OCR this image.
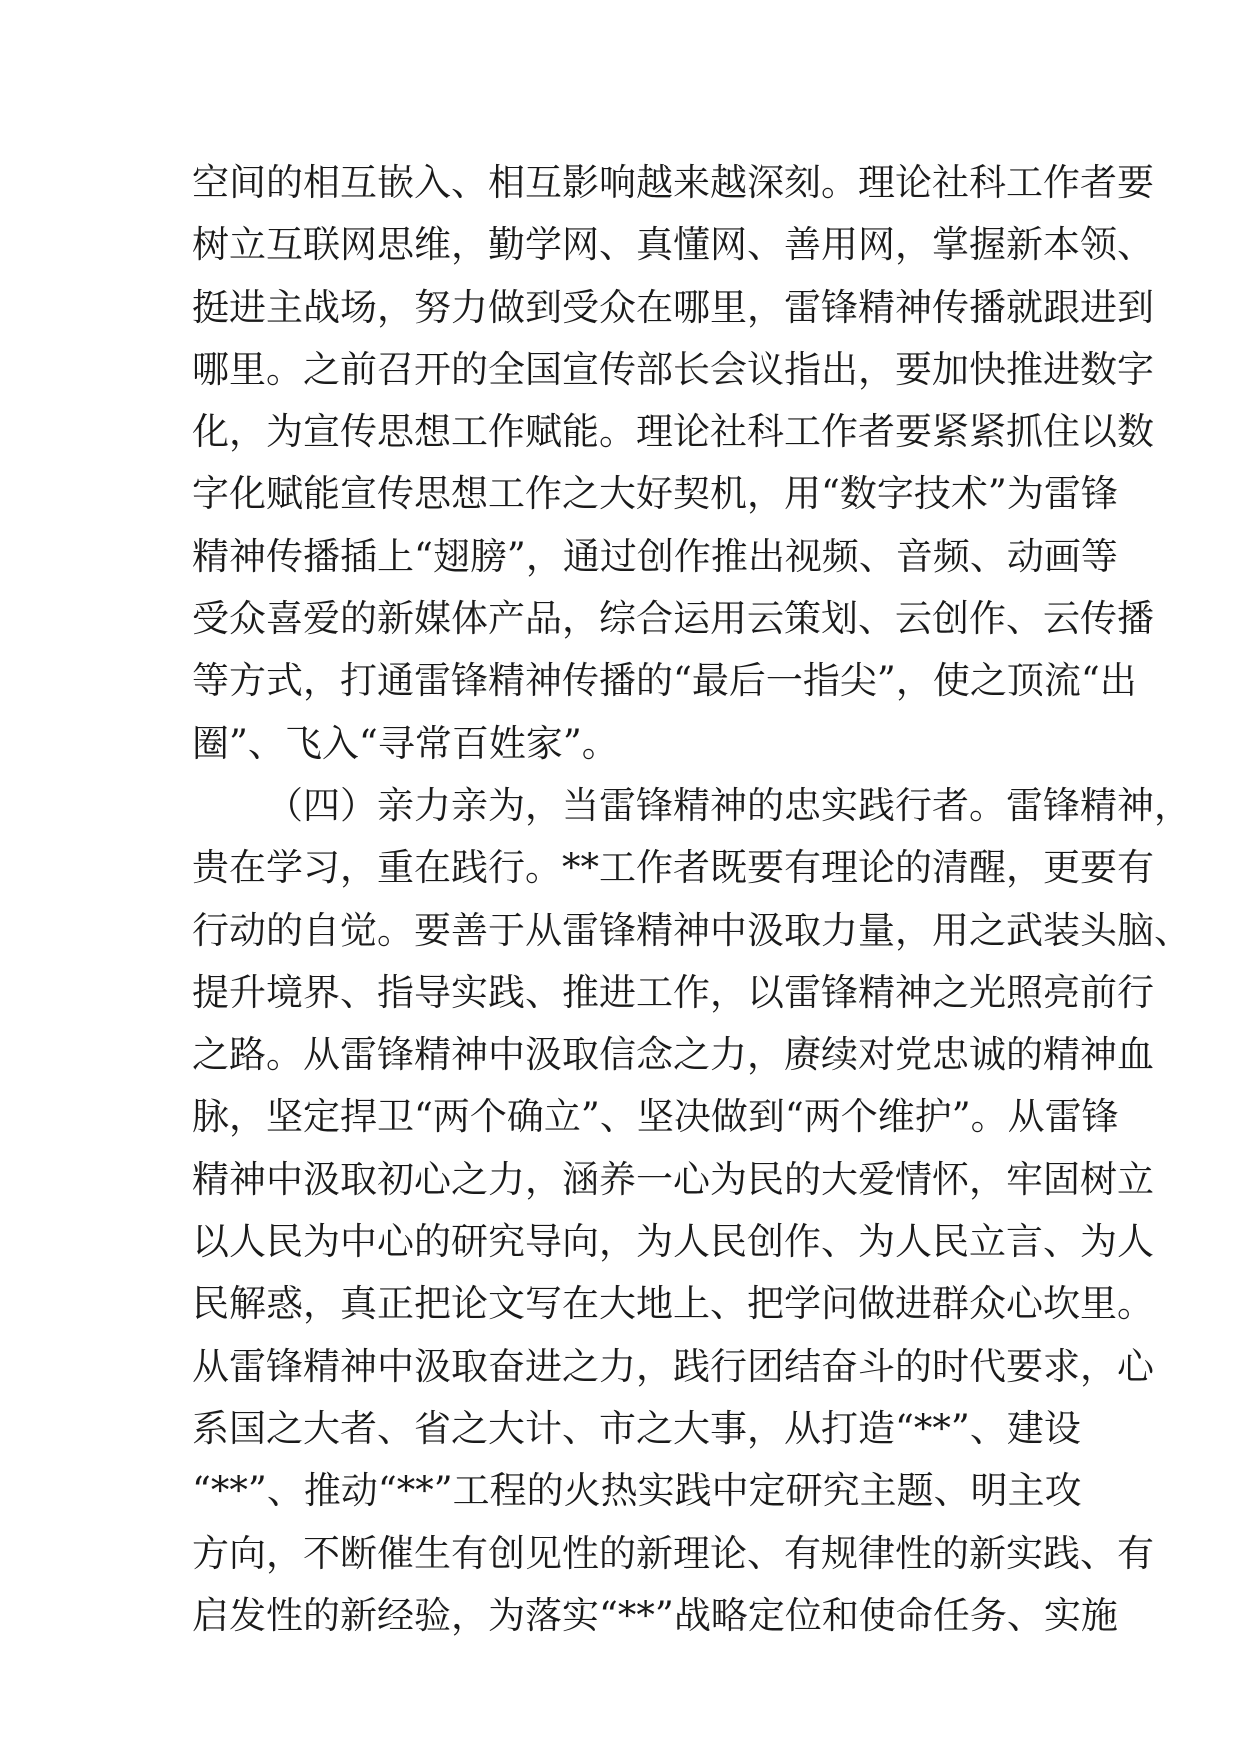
空间的相互嵌入、相互影响越来越深刻。理论社科工作者要
树立互联网思维，勤学网、真懂网、善用网，掌握新本领、
挺进主战场，努力做到受众在哪里，雷锋精神传播就跟进到
哪里。之前召开的全国宣传部长会议指出，要加快推进数字
化，为宣传思想工作赋能。理论社科工作者要紧紧抓住以数
字化赋能宣传思想工作之大好契机，用“数字技术”为雷锋
精神传播插上“翅膀”，通过创作推出视频、音频、动画等
受众喜爱的新媒体产品，综合运用云策划、云创作、云传播
等方式，打通雷锋精神传播的“最后一指尖”，使之顶流“出
圈”、飞入“寻常百姓家”。
（四）亲力亲为，当雷锋精神的忠实践行者。雷锋精神，
贵在学习，重在践行。**工作者既要有理论的清醒，更要有
行动的自觉。要善于从雷锋精神中汲取力量，用之武装头脑、
提升境界、指导实践、推进工作，以雷锋精神之光照亮前行
之路。从雷锋精神中汲取信念之力，赓续对党忠诚的精神血
脉，坚定捍卫“两个确立”、坚决做到“两个维护”。从雷锋
精神中汲取初心之力，涵养一心为民的大爱情怀，牢固树立
以人民为中心的研究导向，为人民创作、为人民立言、为人
民解惑，真正把论文写在大地上、把学问做进群众心坎里。
从雷锋精神中汲取奋进之力，践行团结奋斗的时代要求，心
系国之大者、省之大计、市之大事，从打造“**”、建设
“**”、推动“**”工程的火热实践中定研究主题、明主攻
方向，不断催生有创见性的新理论、有规律性的新实践、有
启发性的新经验，为落实“**”战略定位和使命任务、实施
